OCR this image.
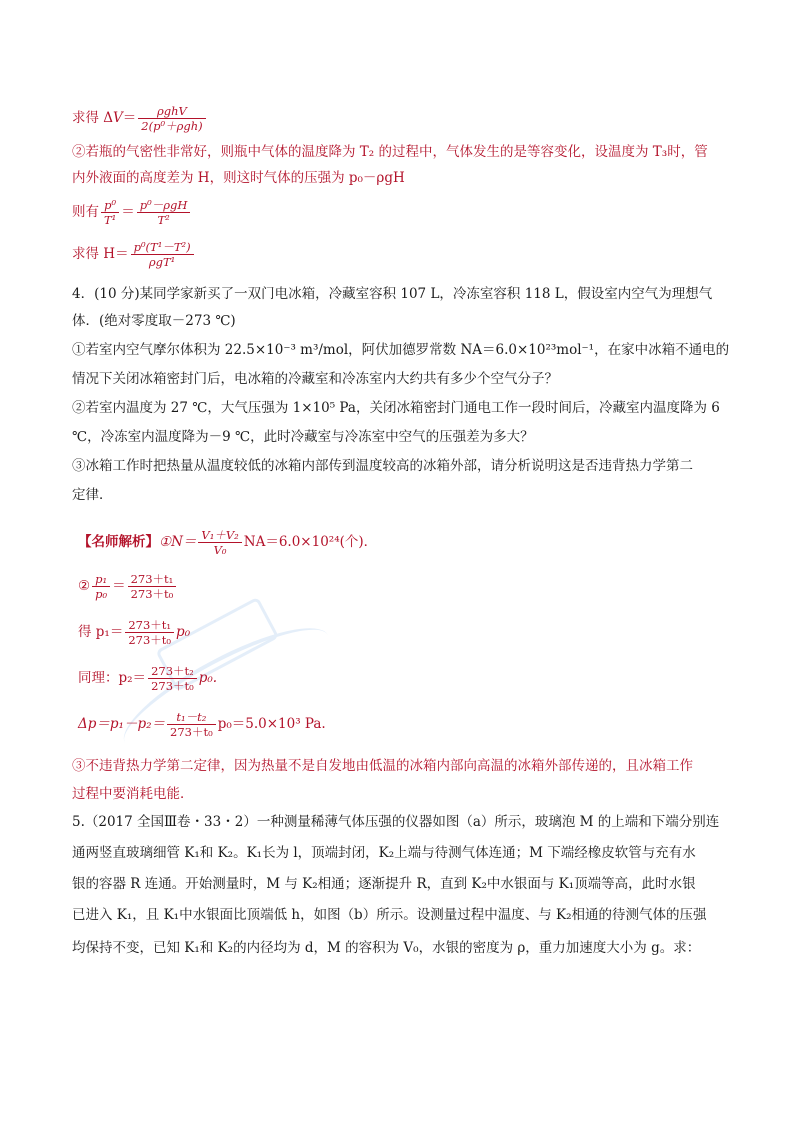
求得 $\Delta V= \frac{\text{ρghV}}{\text{2(p⁰＋ρgh)}}$
②若瓶的气密性非常好，则瓶中气体的温度降为 T₂ 的过程中，气体发生的是等容变化，设温度为 T₃时，管
内外液面的高度差为 H，则这时气体的压强为 p₀－ρgH
则有 $\frac{\text{p⁰}}{\text{T¹}} = \frac{\text{p⁰－ρgH}}{\text{T²}}$
求得 $H= \frac{\text{p⁰(T¹－T²)}}{\text{ρgT¹}}$
4．(10 分)某同学家新买了一双门电冰箱，冷藏室容积 107 L，冷冻室容积 118 L，假设室内空气为理想气
体．(绝对零度取－273 ℃)
①若室内空气摩尔体积为 22.5×10⁻³ m³/mol，阿伏加德罗常数 NA＝6.0×10²³mol⁻¹，在家中冰箱不通电的
情况下关闭冰箱密封门后，电冰箱的冷藏室和冷冻室内大约共有多少个空气分子？
②若室内温度为 27 ℃，大气压强为 1×10⁵ Pa，关闭冰箱密封门通电工作一段时间后，冷藏室内温度降为 6
℃，冷冻室内温度降为－9 ℃，此时冷藏室与冷冻室中空气的压强差为多大？
③冰箱工作时把热量从温度较低的冰箱内部传到温度较高的冰箱外部，请分析说明这是否违背热力学第二
定律．
【名师解析】①N＝ $\frac{\text{V₁＋V₂}}{\text{V₀}} NA=6.0\times 10^{24}$(个)．
② $\frac{\text{p₁}}{\text{p₀}} = \frac{\text{273＋t₁}}{\text{273＋t₀}}$
得 $p_1= \frac{\text{273＋t₁}}{\text{273＋t₀}} p_0$
同理：$p_2= \frac{\text{273＋t₂}}{\text{273＋t₀}} p_0$.
$\Delta p=p_1-p_2= \frac{\text{t₁－t₂}}{\text{273＋t₀}} p_0=5.0\times 10^3$ Pa.
③不违背热力学第二定律，因为热量不是自发地由低温的冰箱内部向高温的冰箱外部传递的，且冰箱工作
过程中要消耗电能．
5.（2017 全国Ⅲ卷・33・2）一种测量稀薄气体压强的仪器如图（a）所示，玻璃泡 M 的上端和下端分别连
通两竖直玻璃细管 K₁和 K₂。K₁长为 l，顶端封闭，K₂上端与待测气体连通；M 下端经橡皮软管与充有水
银的容器 R 连通。开始测量时，M 与 K₂相通；逐渐提升 R，直到 K₂中水银面与 K₁顶端等高，此时水银
已进入 K₁，且 K₁中水银面比顶端低 h，如图（b）所示。设测量过程中温度、与 K₂相通的待测气体的压强
均保持不变，已知 K₁和 K₂的内径均为 d，M 的容积为 V₀，水银的密度为 ρ，重力加速度大小为 g。求：
